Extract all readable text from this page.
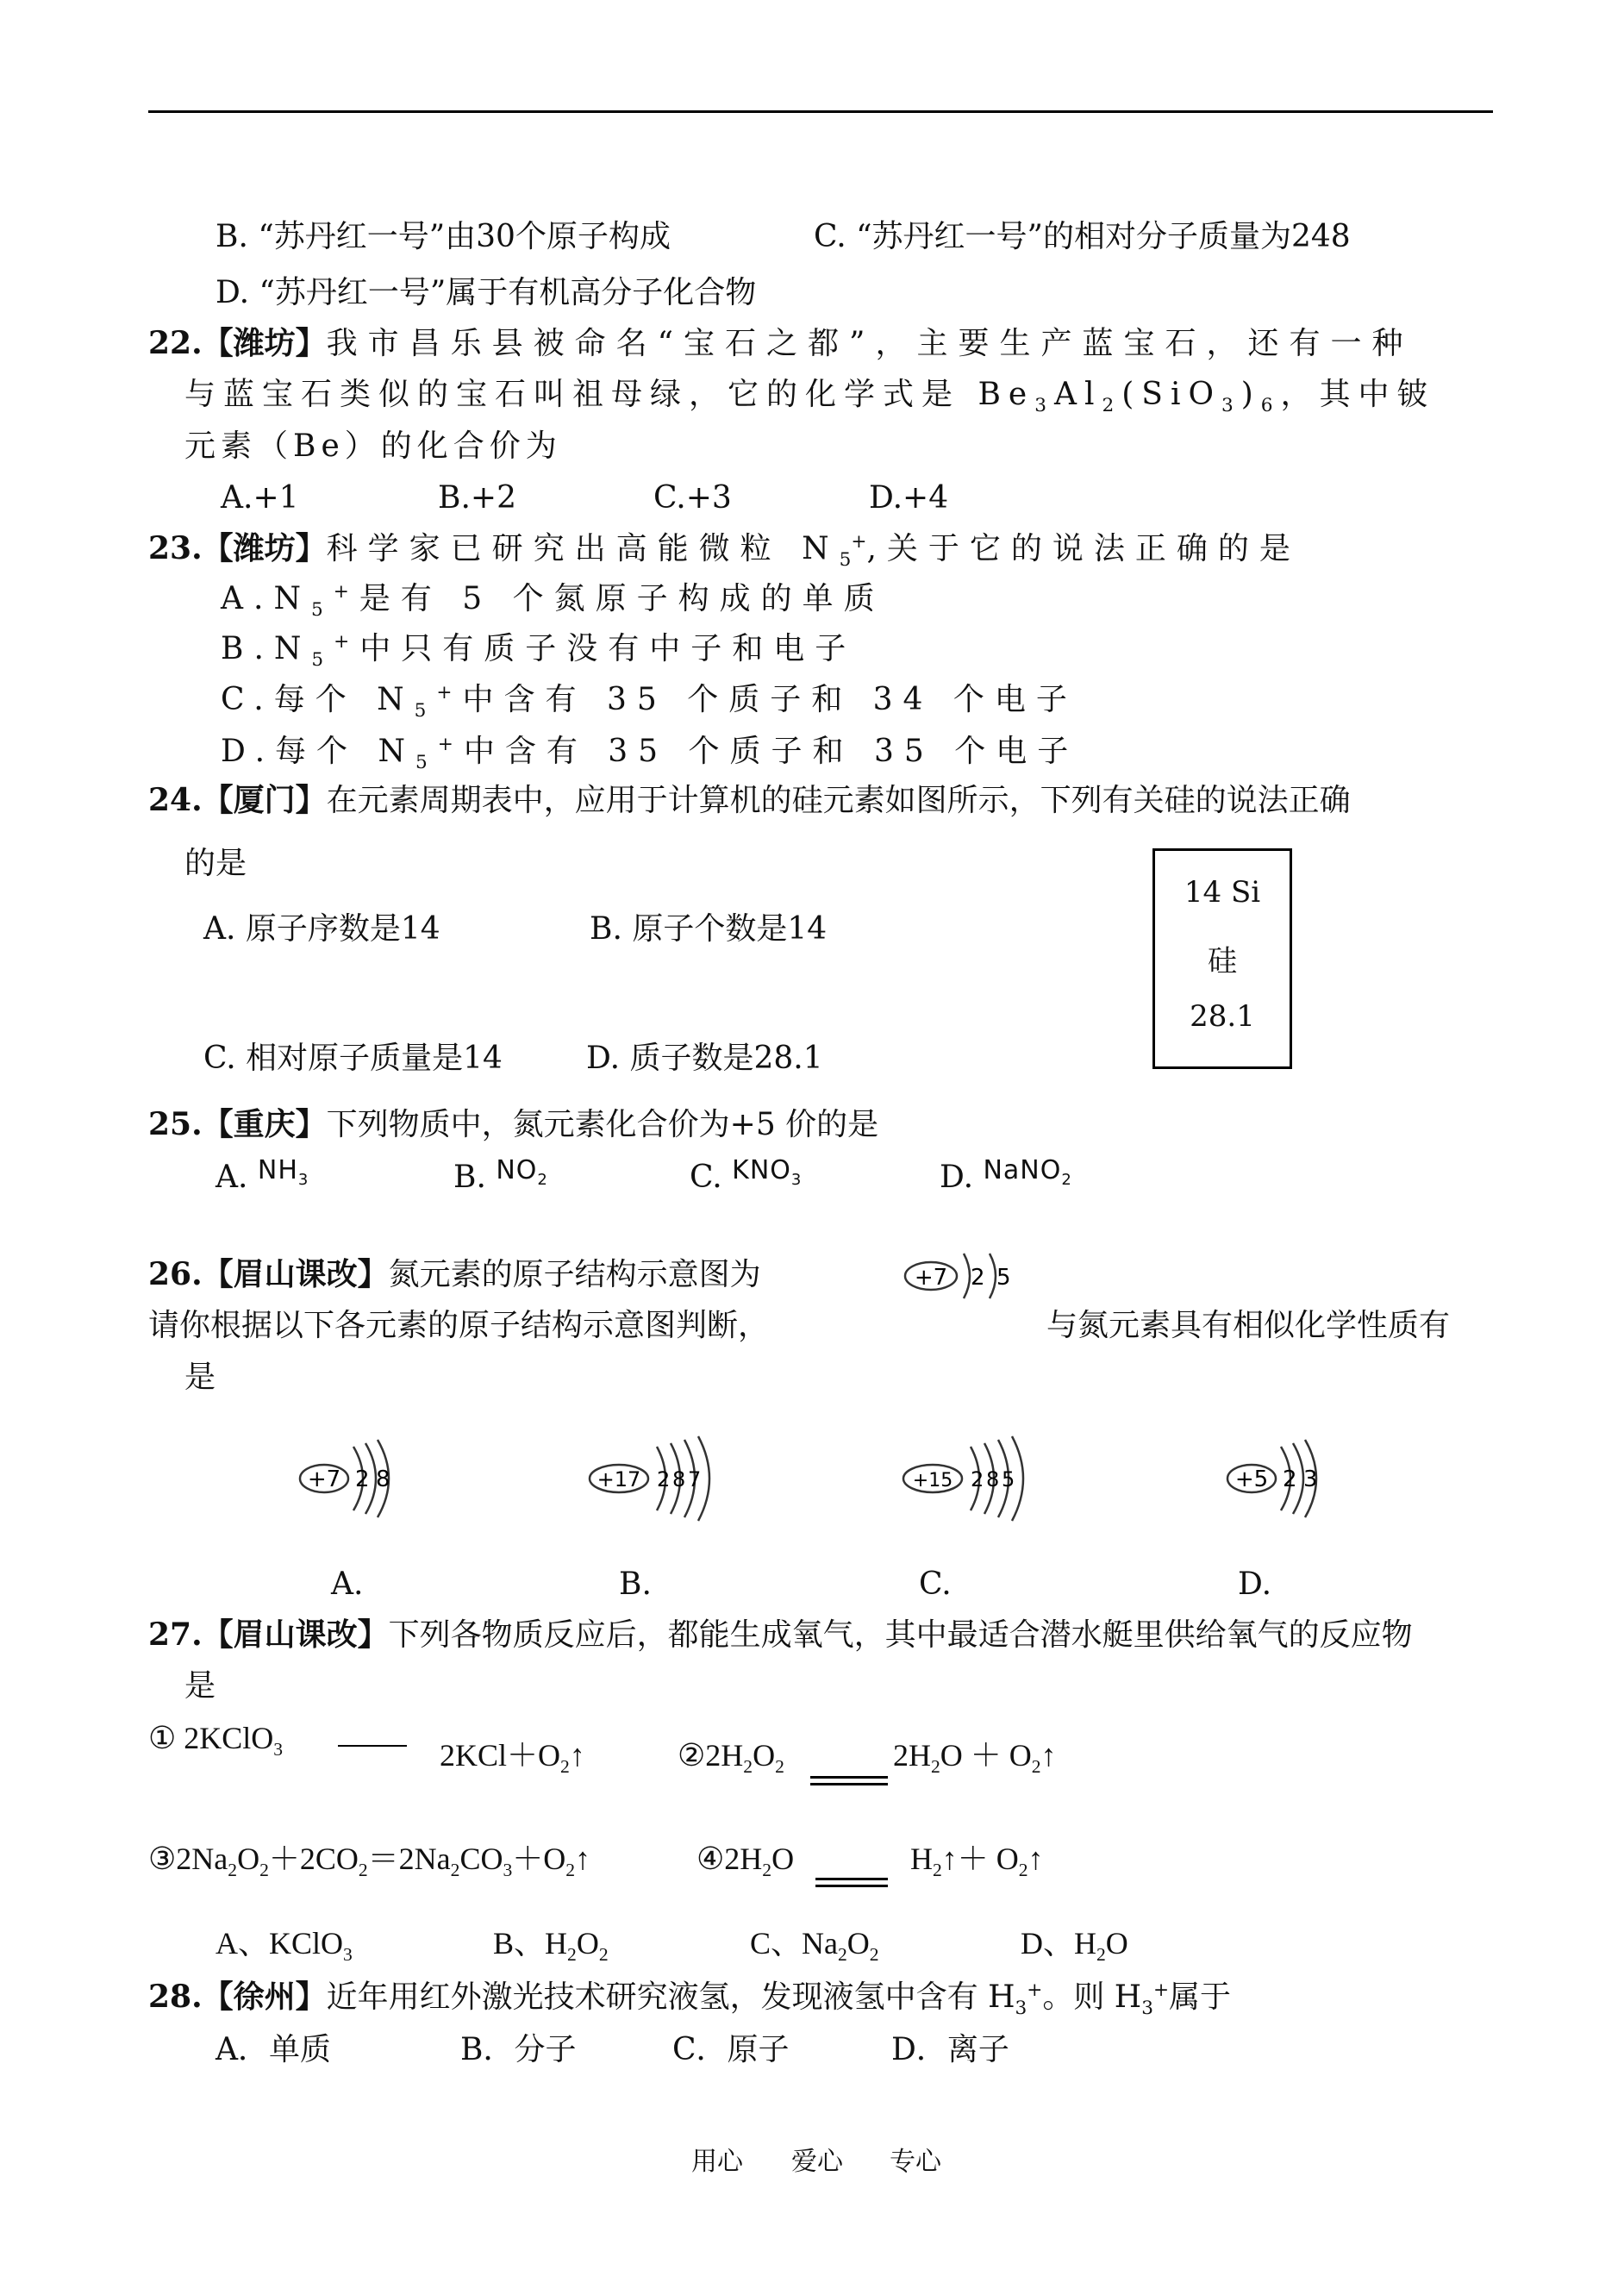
B. “苏丹红一号”由30个原子构成	C. “苏丹红一号”的相对分子质量为248
D. “苏丹红一号”属于有机高分子化合物
22.【潍坊】我市昌乐县被命名“宝石之都”，主要生产蓝宝石，还有一种
与蓝宝石类似的宝石叫祖母绿，它的化学式是 $Be_3Al_2(SiO_3)_6$，其中铍
元素（Be）的化合价为
A.+1	B.+2	C.+3	D.+4
23.【潍坊】科学家已研究出高能微粒 $N_5^+$,关于它的说法正确的是
$A.N_5^+$是有 5 个氮原子构成的单质
$B.N_5^+$中只有质子没有中子和电子
C.每个 $N_5^+$中含有 35 个质子和 34 个电子
D.每个 $N_5^+$中含有 35 个质子和 35 个电子
24.【厦门】在元素周期表中，应用于计算机的硅元素如图所示，下列有关硅的说法正确
的是
A. 原子序数是14	B. 原子个数是14
C. 相对原子质量是14	D. 质子数是28.1
14 Si
硅
28.1
25.【重庆】下列物质中，氮元素化合价为+5 价的是
A. $^{NH_3}$	B. $^{NO_2}$	C. $^{KNO_3}$	D. $^{NaNO_2}$
26.【眉山课改】氮元素的原子结构示意图为
请你根据以下各元素的原子结构示意图判断，	与氮元素具有相似化学性质有
是
+7 2 5
+7 2 8	+17 2 8 7	+15 2 8 5	+5 2 3
A.	B.	C.	D.
27.【眉山课改】下列各物质反应后，都能生成氧气，其中最适合潜水艇里供给氧气的反应物
是
① 2KClO$_3$	$2KCl+O_2↑$	$②2H_2O_2$	$2H_2O$ ＋ $O_2↑$
$③2Na_2O_2+2CO_2=2Na_2CO_3+O_2↑$	$④2H_2O$	$H_2↑+$ $O_2↑$
A、KClO$_3$	B、$H_2O_2$	C、$Na_2O_2$	D、$H_2O$
28.【徐州】近年用红外激光技术研究液氢，发现液氢中含有 $H_3^+$。则 $H_3^+$属于
A．单质	B．分子	C．原子	D．离子
用心 爱心 专心
